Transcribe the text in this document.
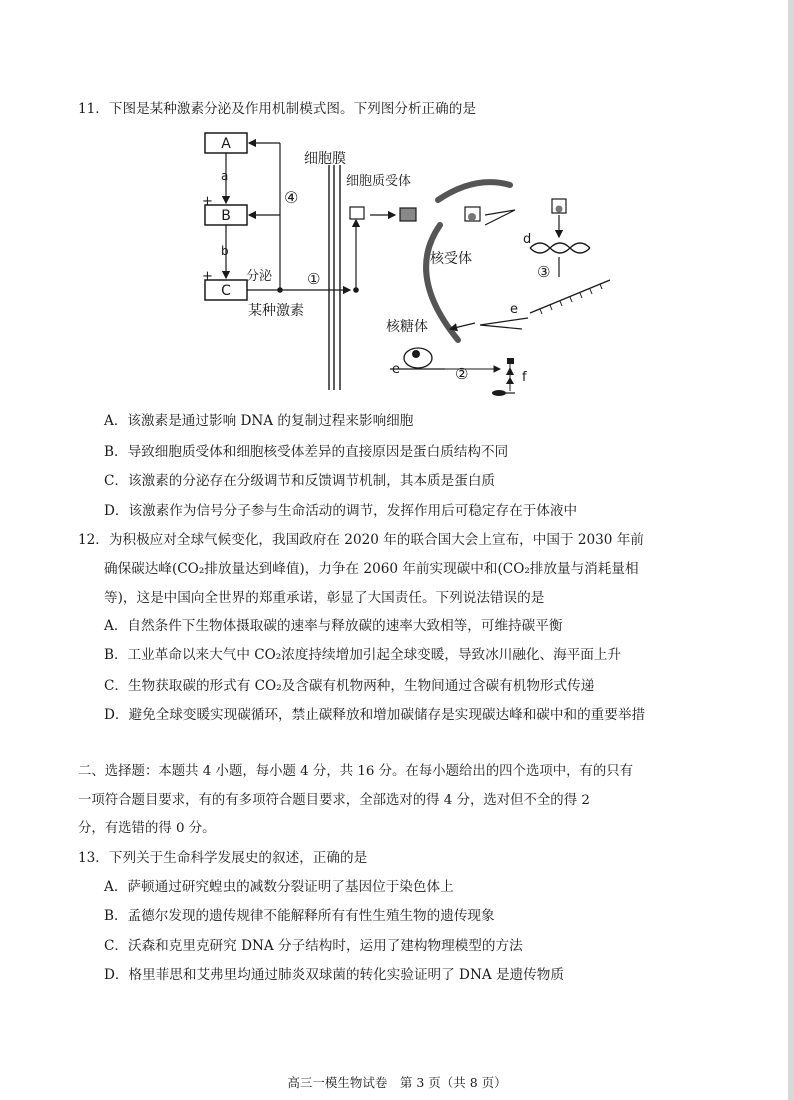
11．下图是某种激素分泌及作用机制模式图。下列图分析正确的是
A
B
C
a
+
b
+
④
分泌 ①
某种激素
细胞膜
细胞质受体
核受体
d
③
e
核糖体
e	②	f
A．该激素是通过影响 DNA 的复制过程来影响细胞
B．导致细胞质受体和细胞核受体差异的直接原因是蛋白质结构不同
C．该激素的分泌存在分级调节和反馈调节机制，其本质是蛋白质
D．该激素作为信号分子参与生命活动的调节，发挥作用后可稳定存在于体液中
12．为积极应对全球气候变化，我国政府在 2020 年的联合国大会上宣布，中国于 2030 年前
确保碳达峰(CO₂排放量达到峰值)，力争在 2060 年前实现碳中和(CO₂排放量与消耗量相
等)，这是中国向全世界的郑重承诺，彰显了大国责任。下列说法错误的是
A．自然条件下生物体摄取碳的速率与释放碳的速率大致相等，可维持碳平衡
B．工业革命以来大气中 CO₂浓度持续增加引起全球变暖，导致冰川融化、海平面上升
C．生物获取碳的形式有 CO₂及含碳有机物两种，生物间通过含碳有机物形式传递
D．避免全球变暖实现碳循环，禁止碳释放和增加碳储存是实现碳达峰和碳中和的重要举措
二、选择题：本题共 4 小题，每小题 4 分，共 16 分。在每小题给出的四个选项中，有的只有
一项符合题目要求，有的有多项符合题目要求，全部选对的得 4 分，选对但不全的得 2
分，有选错的得 0 分。
13．下列关于生命科学发展史的叙述，正确的是
A．萨顿通过研究蝗虫的减数分裂证明了基因位于染色体上
B．孟德尔发现的遗传规律不能解释所有有性生殖生物的遗传现象
C．沃森和克里克研究 DNA 分子结构时，运用了建构物理模型的方法
D．格里菲思和艾弗里均通过肺炎双球菌的转化实验证明了 DNA 是遗传物质
高三一模生物试卷　第 3 页（共 8 页）
